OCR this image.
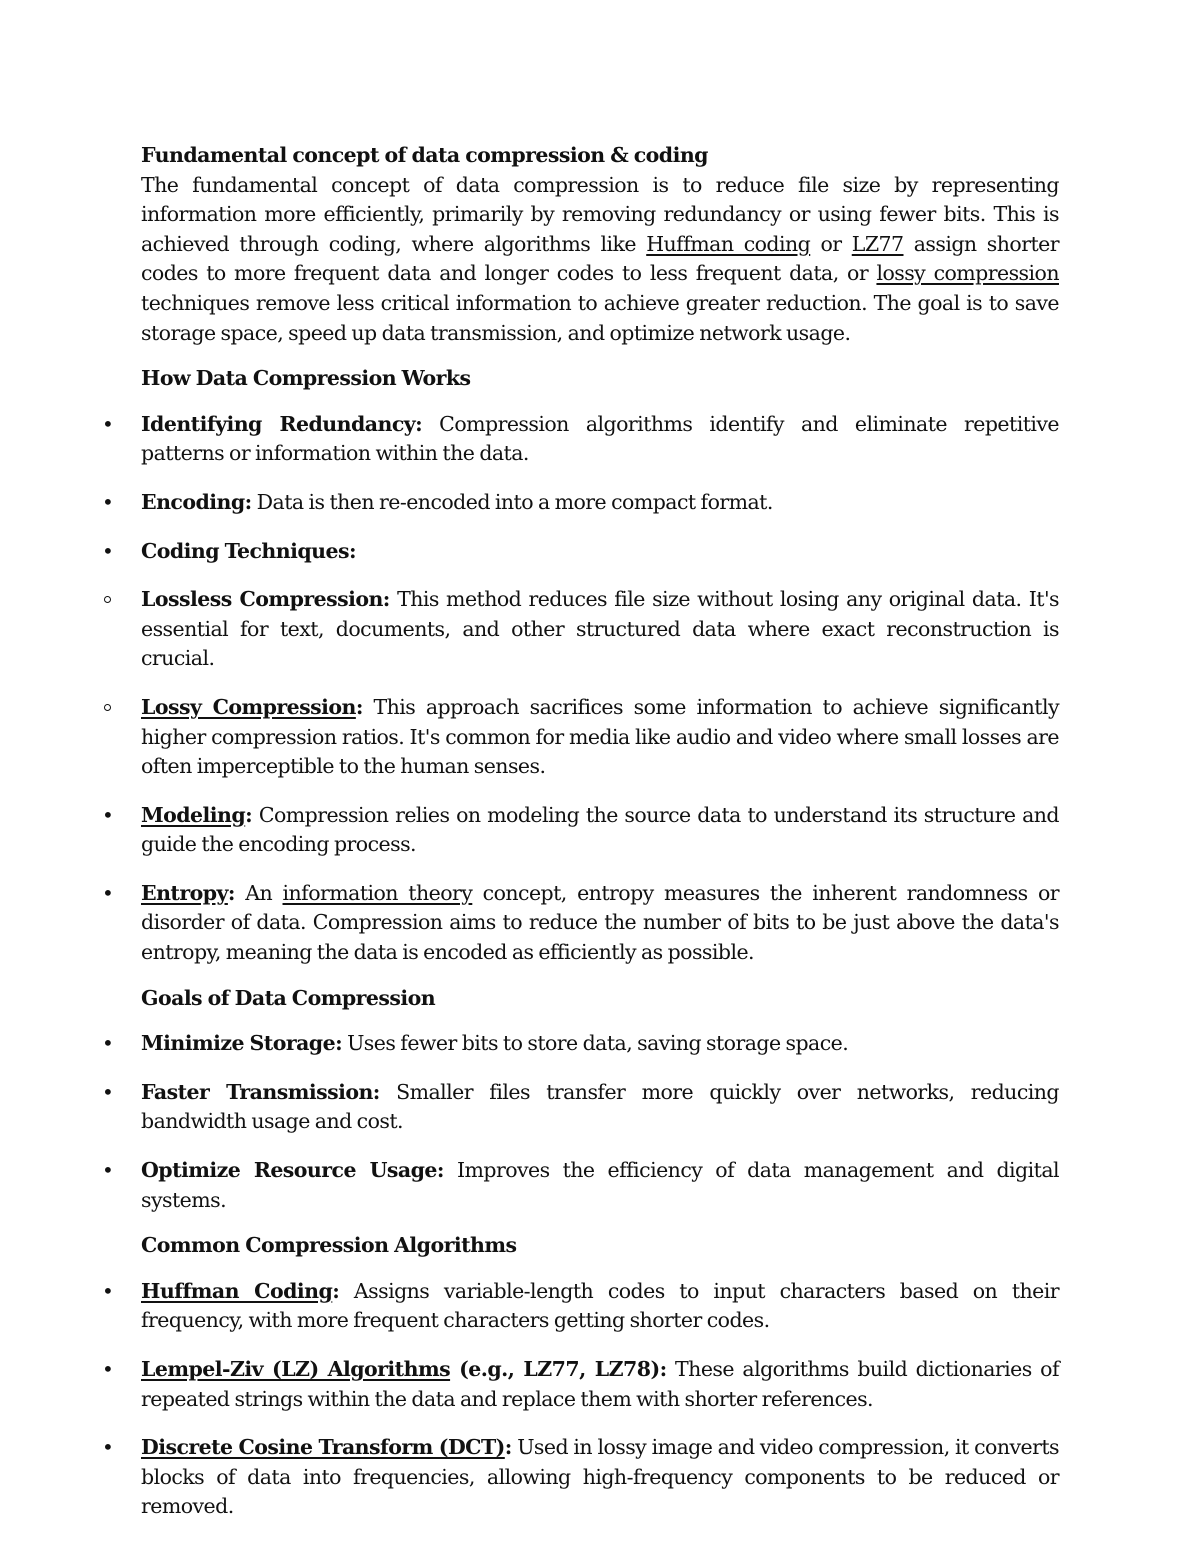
Fundamental concept of data compression & coding

The fundamental concept of data compression is to reduce file size by representing information more efficiently, primarily by removing redundancy or using fewer bits. This is achieved through coding, where algorithms like Huffman coding or LZ77 assign shorter codes to more frequent data and longer codes to less frequent data, or lossy compression techniques remove less critical information to achieve greater reduction. The goal is to save storage space, speed up data transmission, and optimize network usage.

How Data Compression Works

• Identifying Redundancy: Compression algorithms identify and eliminate repetitive patterns or information within the data.
• Encoding: Data is then re-encoded into a more compact format.
• Coding Techniques:
Lossless Compression: This method reduces file size without losing any original data. It's essential for text, documents, and other structured data where exact reconstruction is crucial.
Lossy Compression: This approach sacrifices some information to achieve significantly higher compression ratios. It's common for media like audio and video where small losses are often imperceptible to the human senses.
• Modeling: Compression relies on modeling the source data to understand its structure and guide the encoding process.
• Entropy: An information theory concept, entropy measures the inherent randomness or disorder of data. Compression aims to reduce the number of bits to be just above the data's entropy, meaning the data is encoded as efficiently as possible.

Goals of Data Compression

• Minimize Storage: Uses fewer bits to store data, saving storage space.
• Faster Transmission: Smaller files transfer more quickly over networks, reducing bandwidth usage and cost.
• Optimize Resource Usage: Improves the efficiency of data management and digital systems.

Common Compression Algorithms

• Huffman Coding: Assigns variable-length codes to input characters based on their frequency, with more frequent characters getting shorter codes.
• Lempel-Ziv (LZ) Algorithms (e.g., LZ77, LZ78): These algorithms build dictionaries of repeated strings within the data and replace them with shorter references.
• Discrete Cosine Transform (DCT): Used in lossy image and video compression, it converts blocks of data into frequencies, allowing high-frequency components to be reduced or removed.
